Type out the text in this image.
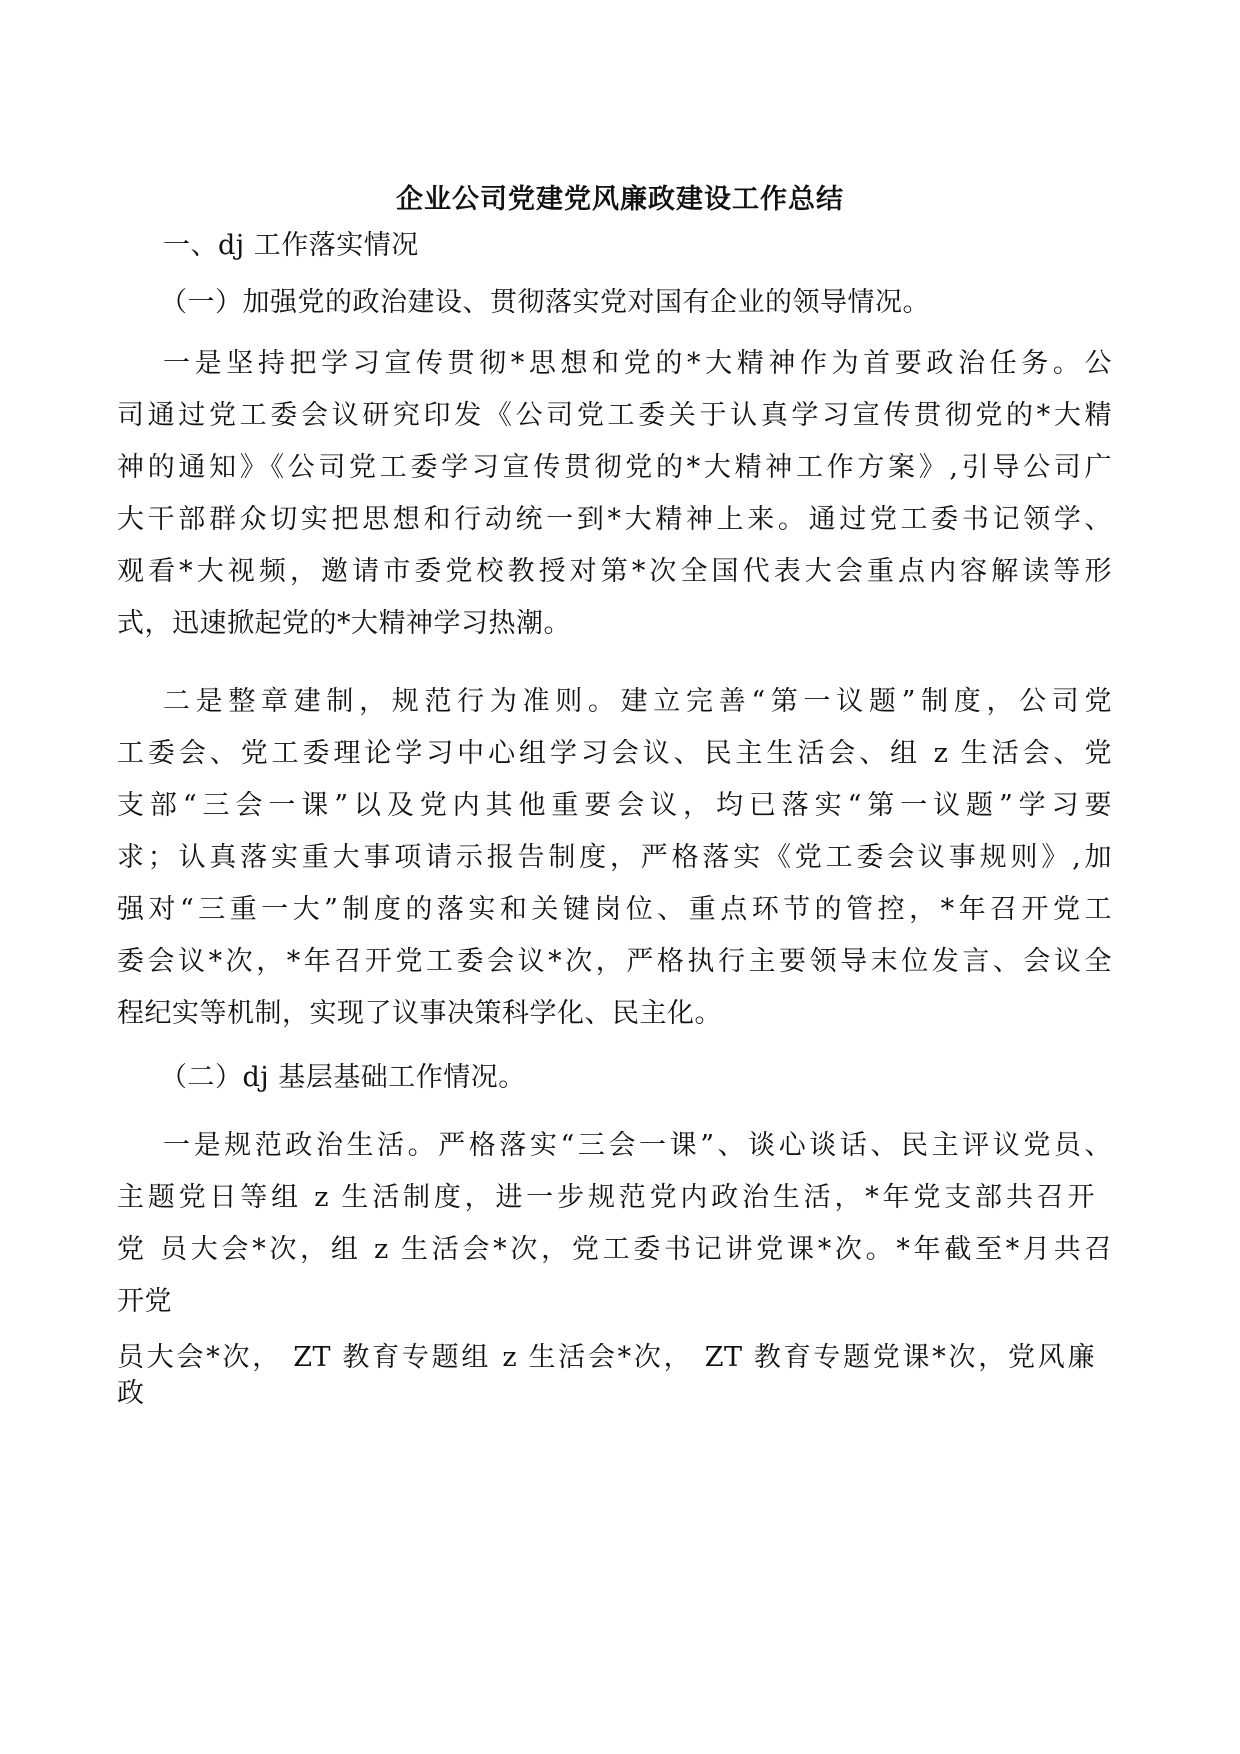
企业公司党建党风廉政建设工作总结
一、dj 工作落实情况
（一）加强党的政治建设、贯彻落实党对国有企业的领导情况。
一是坚持把学习宣传贯彻*思想和党的*大精神作为首要政治任务。公
司通过党工委会议研究印发《公司党工委关于认真学习宣传贯彻党的*大精
神的通知》《公司党工委学习宣传贯彻党的*大精神工作方案》,引导公司广
大干部群众切实把思想和行动统一到*大精神上来。通过党工委书记领学、
观看*大视频，邀请市委党校教授对第*次全国代表大会重点内容解读等形
式，迅速掀起党的*大精神学习热潮。
二是整章建制，规范行为准则。建立完善“第一议题”制度，公司党
工委会、党工委理论学习中心组学习会议、民主生活会、组 z 生活会、党
支部“三会一课”以及党内其他重要会议，均已落实“第一议题”学习要
求；认真落实重大事项请示报告制度，严格落实《党工委会议事规则》,加
强对“三重一大”制度的落实和关键岗位、重点环节的管控，*年召开党工
委会议*次，*年召开党工委会议*次，严格执行主要领导末位发言、会议全
程纪实等机制，实现了议事决策科学化、民主化。
（二）dj 基层基础工作情况。
一是规范政治生活。严格落实“三会一课”、谈心谈话、民主评议党员、
主题党日等组 z 生活制度，进一步规范党内政治生活，*年党支部共召开
党 员大会*次，组 z 生活会*次，党工委书记讲党课*次。*年截至*月共召
开党
员大会*次， ZT 教育专题组 z 生活会*次， ZT 教育专题党课*次，党风廉
政
